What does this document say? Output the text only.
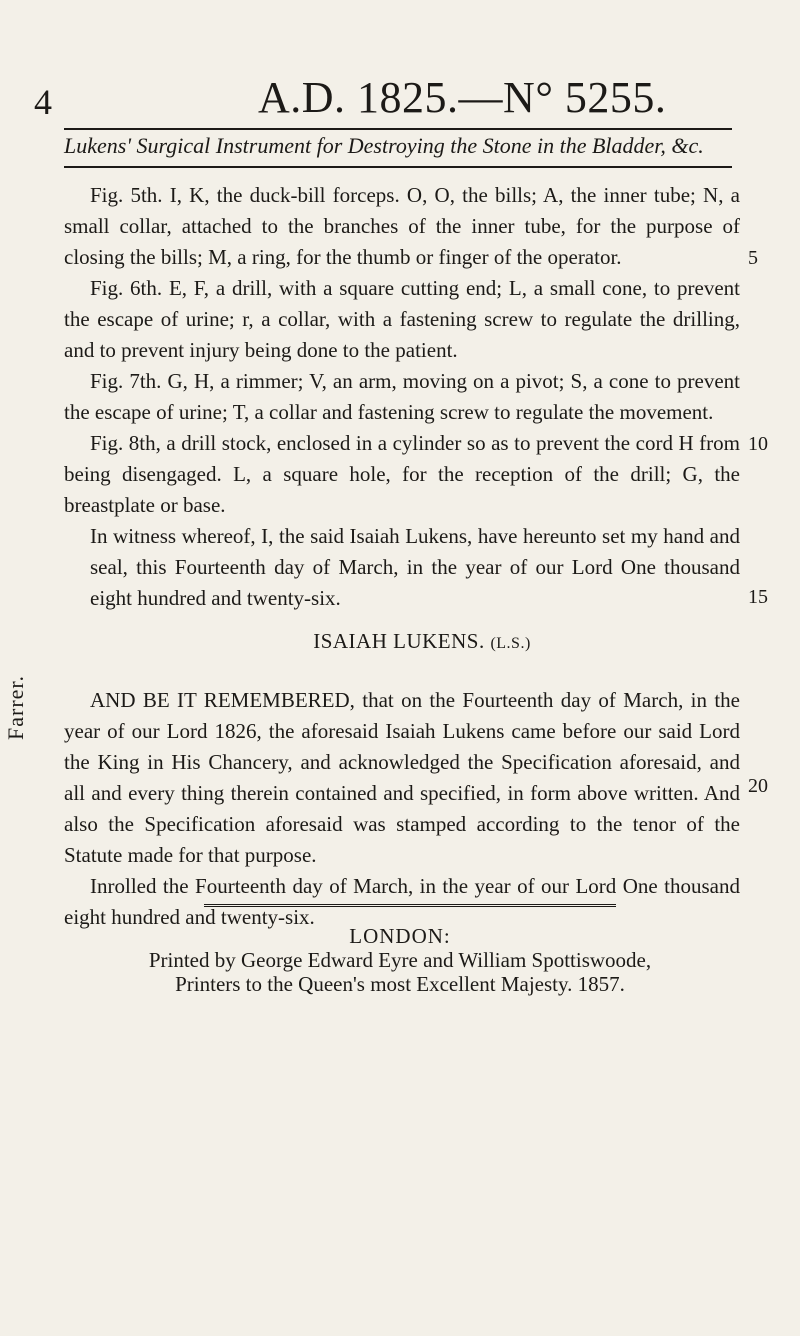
4	A.D. 1825.—N° 5255.
Lukens' Surgical Instrument for Destroying the Stone in the Bladder, &c.

Fig. 5th. I, K, the duck-bill forceps. O, O, the bills; A, the inner tube; N, a small collar, attached to the branches of the inner tube, for the purpose of closing the bills; M, a ring, for the thumb or finger of the operator.

Fig. 6th. E, F, a drill, with a square cutting end; L, a small cone, to prevent the escape of urine; r, a collar, with a fastening screw to regulate the drilling, and to prevent injury being done to the patient.

Fig. 7th. G, H, a rimmer; V, an arm, moving on a pivot; S, a cone to prevent the escape of urine; T, a collar and fastening screw to regulate the movement.

Fig. 8th, a drill stock, enclosed in a cylinder so as to prevent the cord H from being disengaged. L, a square hole, for the reception of the drill; G, the breastplate or base.

In witness whereof, I, the said Isaiah Lukens, have hereunto set my hand and seal, this Fourteenth day of March, in the year of our Lord One thousand eight hundred and twenty-six.

ISAIAH LUKENS. (L.S.)

AND BE IT REMEMBERED, that on the Fourteenth day of March, in the year of our Lord 1826, the aforesaid Isaiah Lukens came before our said Lord the King in His Chancery, and acknowledged the Specification aforesaid, and all and every thing therein contained and specified, in form above written. And also the Specification aforesaid was stamped according to the tenor of the Statute made for that purpose.

Inrolled the Fourteenth day of March, in the year of our Lord One thousand eight hundred and twenty-six.

5
10
15
20
Farrer.
LONDON:
Printed by George Edward Eyre and William Spottiswoode,
Printers to the Queen's most Excellent Majesty. 1857.
